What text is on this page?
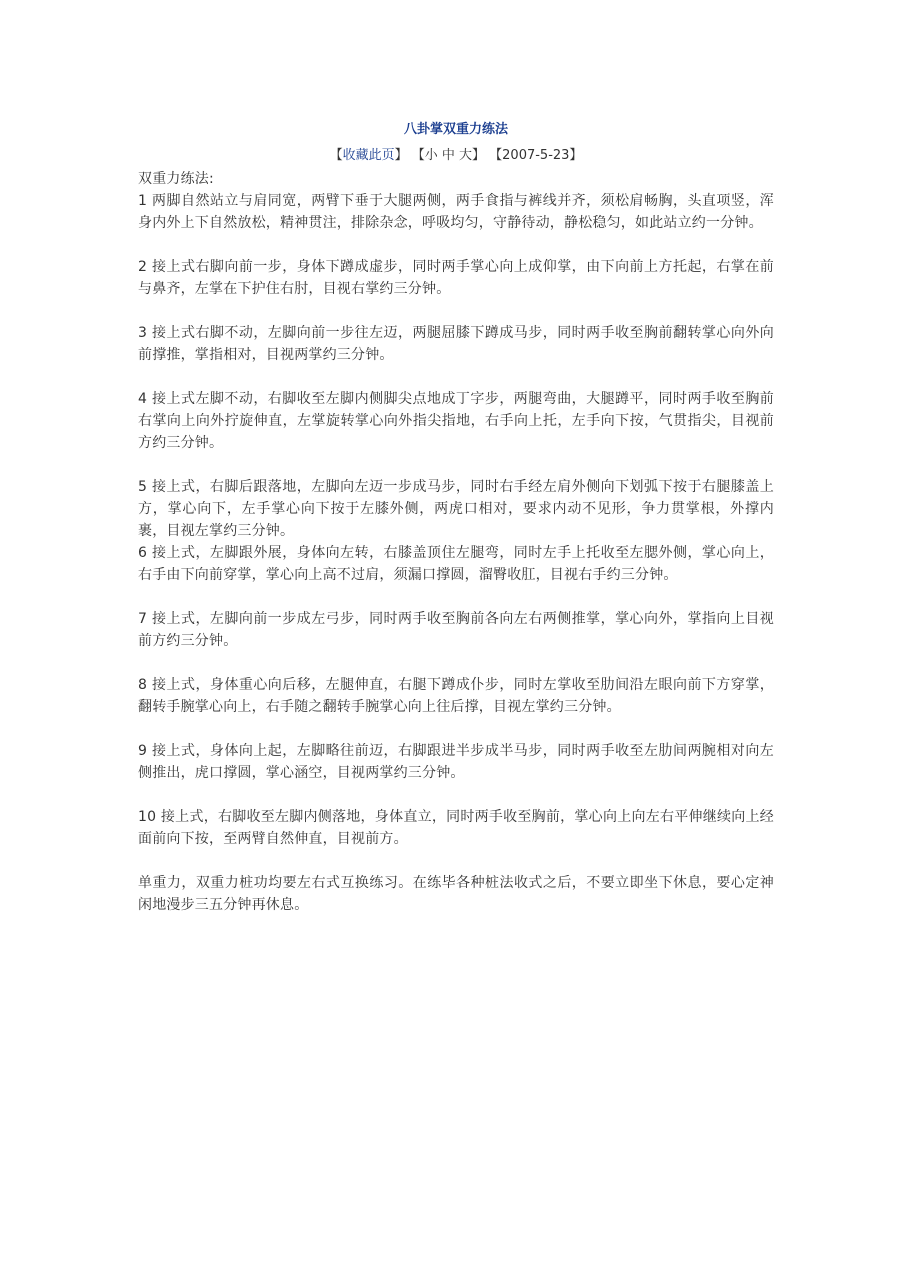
八卦掌双重力练法
【收藏此页】 【小 中 大】 【2007-5-23】

双重力练法:

1 两脚自然站立与肩同宽，两臂下垂于大腿两侧，两手食指与裤线并齐，须松肩畅胸，头直项竖，浑身内外上下自然放松，精神贯注，排除杂念，呼吸均匀，守静待动，静松稳匀，如此站立约一分钟。

2 接上式右脚向前一步，身体下蹲成虚步，同时两手掌心向上成仰掌，由下向前上方托起，右掌在前与鼻齐，左掌在下护住右肘，目视右掌约三分钟。

3 接上式右脚不动，左脚向前一步往左迈，两腿屈膝下蹲成马步，同时两手收至胸前翻转掌心向外向前撑推，掌指相对，目视两掌约三分钟。

4 接上式左脚不动，右脚收至左脚内侧脚尖点地成丁字步，两腿弯曲，大腿蹲平，同时两手收至胸前右掌向上向外拧旋伸直，左掌旋转掌心向外指尖指地，右手向上托，左手向下按，气贯指尖，目视前方约三分钟。

5 接上式，右脚后跟落地，左脚向左迈一步成马步，同时右手经左肩外侧向下划弧下按于右腿膝盖上方，掌心向下，左手掌心向下按于左膝外侧，两虎口相对，要求内动不见形，争力贯掌根，外撑内裹，目视左掌约三分钟。

6 接上式，左脚跟外展，身体向左转，右膝盖顶住左腿弯，同时左手上托收至左腮外侧，掌心向上，右手由下向前穿掌，掌心向上高不过肩，须漏口撑圆，溜臀收肛，目视右手约三分钟。

7 接上式，左脚向前一步成左弓步，同时两手收至胸前各向左右两侧推掌，掌心向外，掌指向上目视前方约三分钟。

8 接上式，身体重心向后移，左腿伸直，右腿下蹲成仆步，同时左掌收至肋间沿左眼向前下方穿掌，翻转手腕掌心向上，右手随之翻转手腕掌心向上往后撑，目视左掌约三分钟。

9 接上式，身体向上起，左脚略往前迈，右脚跟进半步成半马步，同时两手收至左肋间两腕相对向左侧推出，虎口撑圆，掌心涵空，目视两掌约三分钟。

10 接上式，右脚收至左脚内侧落地，身体直立，同时两手收至胸前，掌心向上向左右平伸继续向上经面前向下按，至两臂自然伸直，目视前方。

单重力，双重力桩功均要左右式互换练习。在练毕各种桩法收式之后，不要立即坐下休息，要心定神闲地漫步三五分钟再休息。
